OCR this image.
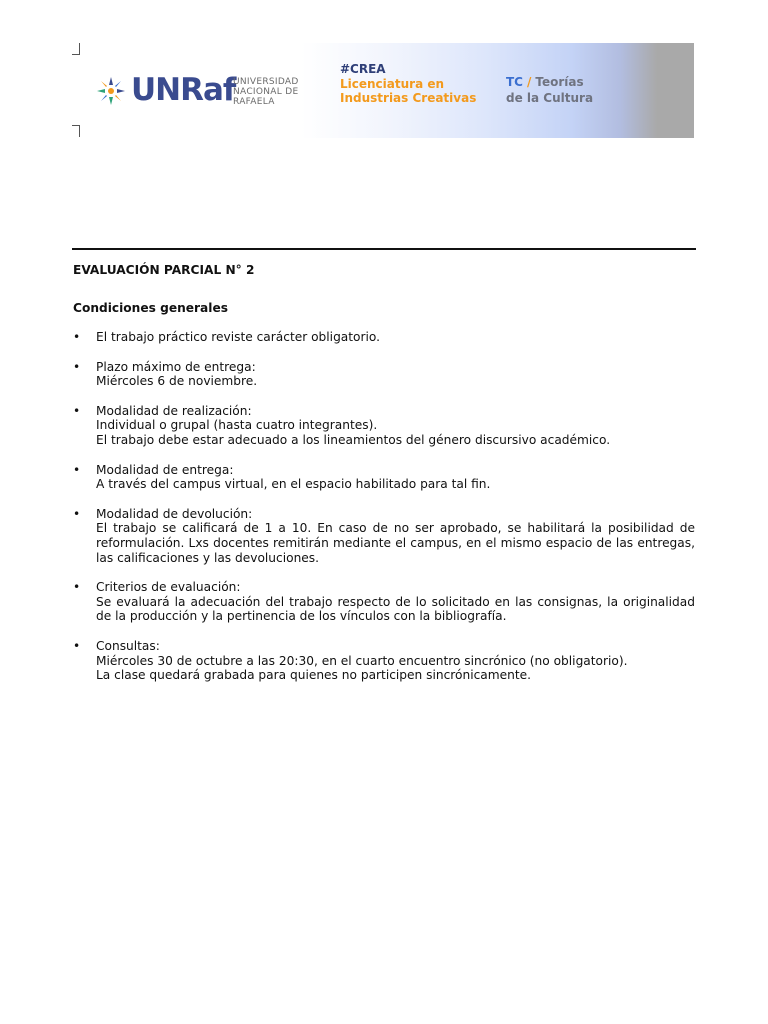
UNRaf
UNIVERSIDAD NACIONAL DE RAFAELA
#CREA
Licenciatura en Industrias Creativas
TC / Teorías
de la Cultura
EVALUACIÓN PARCIAL N° 2
Condiciones generales
• El trabajo práctico reviste carácter obligatorio.
• Plazo máximo de entrega:
Miércoles 6 de noviembre.
• Modalidad de realización:
Individual o grupal (hasta cuatro integrantes).
El trabajo debe estar adecuado a los lineamientos del género discursivo académico.
• Modalidad de entrega:
A través del campus virtual, en el espacio habilitado para tal fin.
• Modalidad de devolución:
El trabajo se calificará de 1 a 10. En caso de no ser aprobado, se habilitará la posibilidad de reformulación. Lxs docentes remitirán mediante el campus, en el mismo espacio de las entregas, las calificaciones y las devoluciones.
• Criterios de evaluación:
Se evaluará la adecuación del trabajo respecto de lo solicitado en las consignas, la originalidad de la producción y la pertinencia de los vínculos con la bibliografía.
• Consultas:
Miércoles 30 de octubre a las 20:30, en el cuarto encuentro sincrónico (no obligatorio).
La clase quedará grabada para quienes no participen sincrónicamente.
